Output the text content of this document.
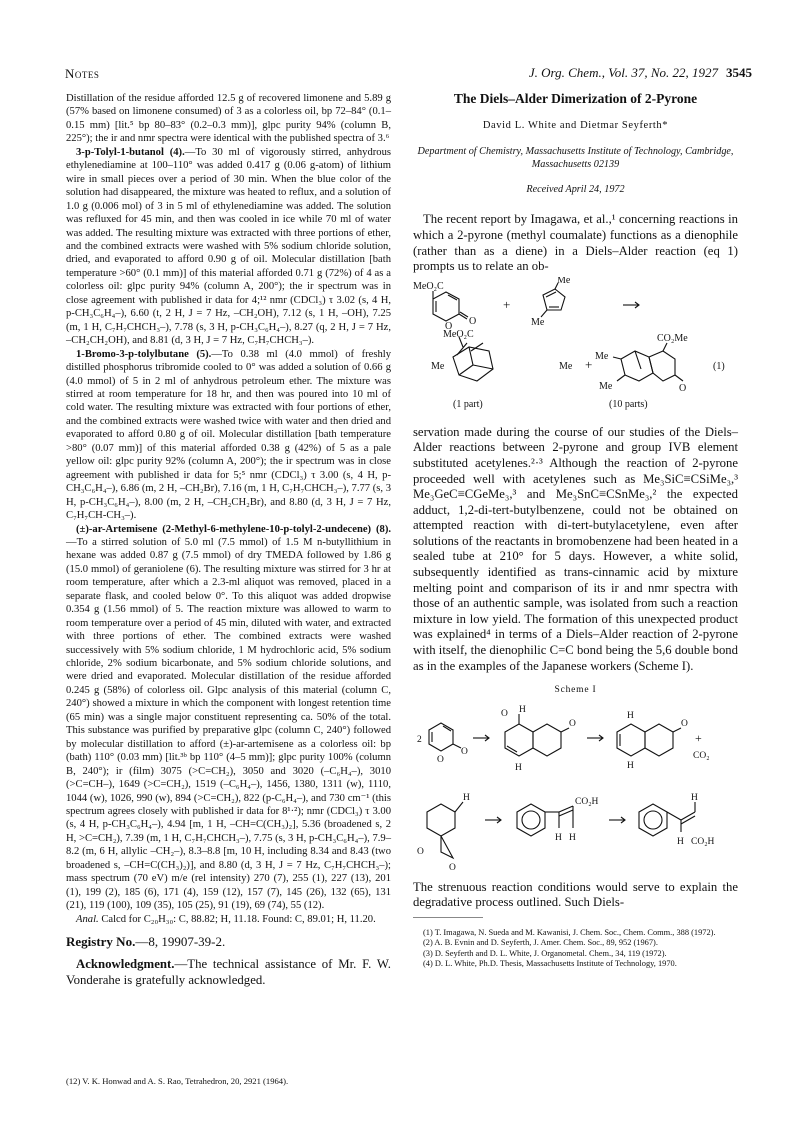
Notes	J. Org. Chem., Vol. 37, No. 22, 1927 3545

Distillation of the residue afforded 12.5 g of recovered limonene and 5.89 g (57% based on limonene consumed) of 3 as a colorless oil, bp 72–84° (0.1–0.15 mm) [lit.⁵ bp 80–83° (0.2–0.3 mm)], glpc purity 94% (column B, 225°); the ir and nmr spectra were identical with the published spectra of 3.⁶

3-p-Tolyl-1-butanol (4).—To 30 ml of vigorously stirred, anhydrous ethylenediamine at 100–110° was added 0.417 g (0.06 g-atom) of lithium wire in small pieces over a period of 30 min. When the blue color of the solution had disappeared, the mixture was heated to reflux, and a solution of 1.0 g (0.006 mol) of 3 in 5 ml of ethylenediamine was added. The solution was refluxed for 45 min, and then was cooled in ice while 70 ml of water was added. The resulting mixture was extracted with three portions of ether, and the combined extracts were washed with 5% sodium chloride solution, dried, and evaporated to afford 0.90 g of oil. Molecular distillation [bath temperature >60° (0.1 mm)] of this material afforded 0.71 g (72%) of 4 as a colorless oil: glpc purity 94% (column A, 200°); the ir spectrum was in close agreement with published ir data for 4;¹² nmr (CDCl₃) τ 3.02 (s, 4 H, p-CH₃C₆H₄–), 6.60 (t, 2 H, J = 7 Hz, –CH₂OH), 7.12 (s, 1 H, –OH), 7.25 (m, 1 H, C₇H₇CHCH₃–), 7.78 (s, 3 H, p-CH₃C₆H₄–), 8.27 (q, 2 H, J = 7 Hz, –CH₂CH₂OH), and 8.81 (d, 3 H, J = 7 Hz, C₇H₇CHCH₃–).

1-Bromo-3-p-tolylbutane (5).—To 0.38 ml (4.0 mmol) of freshly distilled phosphorus tribromide cooled to 0° was added a solution of 0.66 g (4.0 mmol) of 5 in 2 ml of anhydrous petroleum ether. The mixture was stirred at room temperature for 18 hr, and then was poured into 10 ml of cold water. The resulting mixture was extracted with four portions of ether, and the combined extracts were washed twice with water and then dried and evaporated to afford 0.80 g of oil. Molecular distillation [bath temperature >80° (0.07 mm)] of this material afforded 0.38 g (42%) of 5 as a pale yellow oil: glpc purity 92% (column A, 200°); the ir spectrum was in close agreement with published ir data for 5;⁵ nmr (CDCl₃) τ 3.00 (s, 4 H, p-CH₃C₆H₄–), 6.86 (m, 2 H, –CH₂Br), 7.16 (m, 1 H, C₇H₇CHCH₃–), 7.77 (s, 3 H, p-CH₃C₆H₄–), 8.00 (m, 2 H, –CH₂CH₂Br), and 8.80 (d, 3 H, J = 7 Hz, C₇H₇CH-CH₃–).

(±)-ar-Artemisene (2-Methyl-6-methylene-10-p-tolyl-2-undecene) (8).—To a stirred solution of 5.0 ml (7.5 mmol) of 1.5 M n-butyllithium in hexane was added 0.87 g (7.5 mmol) of dry TMEDA followed by 1.86 g (15.0 mmol) of geraniolene (6). The resulting mixture was stirred for 3 hr at room temperature, after which a 2.3-ml aliquot was removed, placed in a separate flask, and cooled below 0°. To this aliquot was added dropwise 0.354 g (1.56 mmol) of 5. The reaction mixture was allowed to warm to room temperature over a period of 45 min, diluted with water, and extracted with three portions of ether. The combined extracts were washed successively with 5% sodium chloride, 1 M hydrochloric acid, 5% sodium chloride, 2% sodium bicarbonate, and 5% sodium chloride solutions, and were dried and evaporated. Molecular distillation of the residue afforded 0.245 g (58%) of colorless oil. Glpc analysis of this material (column C, 240°) showed a mixture in which the component with longest retention time (65 min) was a single major constituent representing ca. 50% of the total. This substance was purified by preparative glpc (column C, 240°) followed by molecular distillation to afford (±)-ar-artemisene as a colorless oil: bp (bath) 110° (0.03 mm) [lit.³ᵇ bp 110° (4–5 mm)]; glpc purity 100% (column B, 240°); ir (film) 3075 (>C=CH₂), 3050 and 3020 (–C₆H₄–), 3010 (>C=CH–), 1649 (>C=CH₂), 1519 (–C₆H₄–), 1456, 1380, 1311 (w), 1110, 1044 (w), 1026, 990 (w), 894 (>C=CH₂), 822 (p-C₆H₄–), and 730 cm⁻¹ (this spectrum agrees closely with published ir data for 8¹·²); nmr (CDCl₃) τ 3.00 (s, 4 H, p-CH₃C₆H₄–), 4.94 [m, 1 H, –CH=C(CH₃)₂], 5.36 (broadened s, 2 H, >C=CH₂), 7.39 (m, 1 H, C₇H₇CHCH₃–), 7.75 (s, 3 H, p-CH₃C₆H₄–), 7.9–8.2 (m, 6 H, allylic –CH₂–), 8.3–8.8 [m, 10 H, including 8.34 and 8.43 (two broadened s, –CH=C(CH₃)₂)], and 8.80 (d, 3 H, J = 7 Hz, C₇H₇CHCH₃–); mass spectrum (70 eV) m/e (rel intensity) 270 (7), 255 (1), 227 (13), 201 (1), 199 (2), 185 (6), 171 (4), 159 (12), 157 (7), 145 (26), 132 (65), 131 (21), 119 (100), 109 (35), 105 (25), 91 (19), 69 (74), 55 (12).

Anal. Calcd for C₂₀H₃₀: C, 88.82; H, 11.18. Found: C, 89.01; H, 11.20.

Registry No.—8, 19907-39-2.

Acknowledgment.—The technical assistance of Mr. F. W. Vonderahe is gratefully acknowledged.

(12) V. K. Honwad and A. S. Rao, Tetrahedron, 20, 2921 (1964).

The Diels–Alder Dimerization of 2-Pyrone

David L. White and Dietmar Seyferth*

Department of Chemistry, Massachusetts Institute of Technology, Cambridge, Massachusetts 02139

Received April 24, 1972

The recent report by Imagawa, et al.,¹ concerning reactions in which a 2-pyrone (methyl coumalate) functions as a dienophile (rather than as a diene) in a Diels–Alder reaction (eq 1) prompts us to relate an ob-

MeO₂C
O
O
+
Me
Me
MeO₂C
Me	Me +
CO₂Me
Me
Me	O
(1)
(1 part)	(10 parts)

servation made during the course of our studies of the Diels–Alder reactions between 2-pyrone and group IVB element substituted acetylenes.²·³ Although the reaction of 2-pyrone proceeded well with acetylenes such as Me₃SiC≡CSiMe₃,³ Me₃GeC≡CGeMe₃,³ and Me₃SnC≡CSnMe₃,² the expected adduct, 1,2-di-tert-butylbenzene, could not be obtained on attempted reaction with di-tert-butylacetylene, even after solutions of the reactants in bromobenzene had been heated in a sealed tube at 210° for 5 days. However, a white solid, subsequently identified as trans-cinnamic acid by mixture melting point and comparison of its ir and nmr spectra with those of an authentic sample, was isolated from such a reaction mixture in low yield. The formation of this unexpected product was explained⁴ in terms of a Diels–Alder reaction of 2-pyrone with itself, the dienophilic C=C bond being the 5,6 double bond as in the examples of the Japanese workers (Scheme I).

Scheme I

2
O
O
O H
H
O
H
H
O
+
CO₂
H
O
O
CO₂H
H H
H
H CO₂H

The strenuous reaction conditions would serve to explain the degradative process outlined. Such Diels-

(1) T. Imagawa, N. Sueda and M. Kawanisi, J. Chem. Soc., Chem. Comm., 388 (1972).
(2) A. B. Evnin and D. Seyferth, J. Amer. Chem. Soc., 89, 952 (1967).
(3) D. Seyferth and D. L. White, J. Organometal. Chem., 34, 119 (1972).
(4) D. L. White, Ph.D. Thesis, Massachusetts Institute of Technology, 1970.
